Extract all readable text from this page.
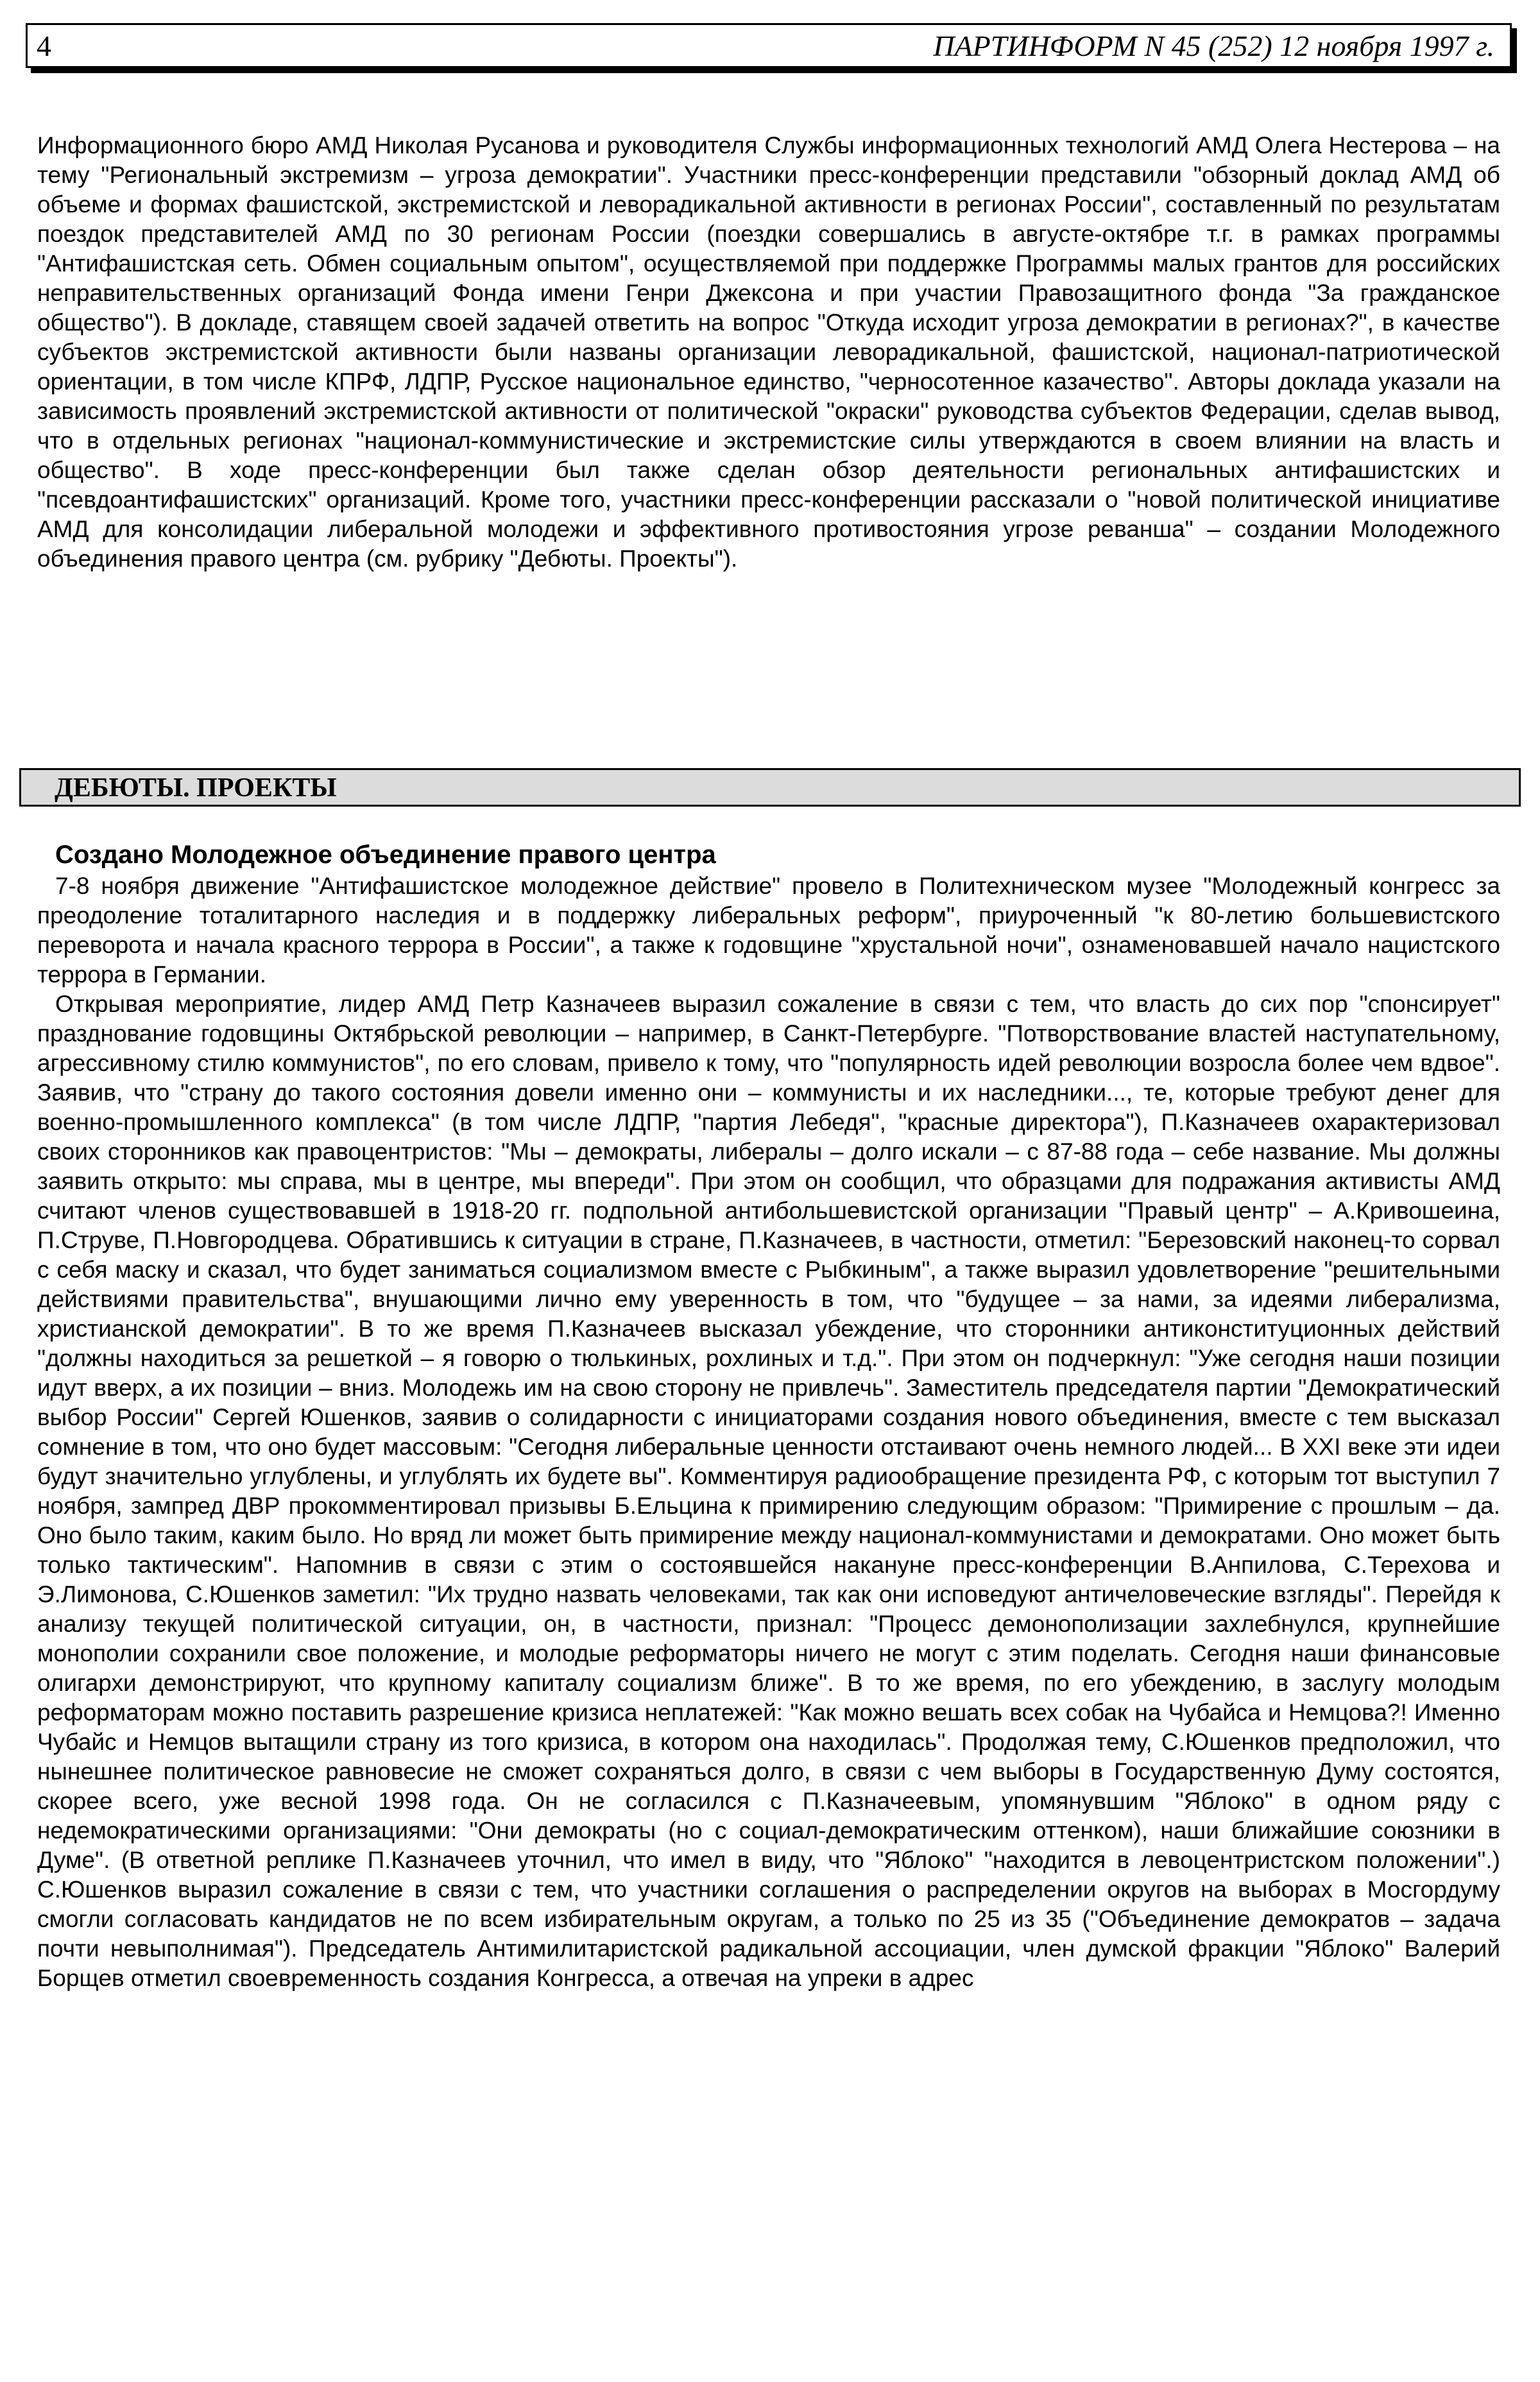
4	ПАРТИНФОРМ N 45 (252) 12 ноября 1997 г.

Информационного бюро АМД Николая Русанова и руководителя Службы информационных технологий АМД Олега Нестерова – на тему "Региональный экстремизм – угроза демократии". Участники пресс-конференции представили "обзорный доклад АМД об объеме и формах фашистской, экстремистской и леворадикальной активности в регионах России", составленный по результатам поездок представителей АМД по 30 регионам России (поездки совершались в августе-октябре т.г. в рамках программы "Антифашистская сеть. Обмен социальным опытом", осуществляемой при поддержке Программы малых грантов для российских неправительственных организаций Фонда имени Генри Джексона и при участии Правозащитного фонда "За гражданское общество"). В докладе, ставящем своей задачей ответить на вопрос "Откуда исходит угроза демократии в регионах?", в качестве субъектов экстремистской активности были названы организации леворадикальной, фашистской, национал-патриотической ориентации, в том числе КПРФ, ЛДПР, Русское национальное единство, "черносотенное казачество". Авторы доклада указали на зависимость проявлений экстремистской активности от политической "окраски" руководства субъектов Федерации, сделав вывод, что в отдельных регионах "национал-коммунистические и экстремистские силы утверждаются в своем влиянии на власть и общество". В ходе пресс-конференции был также сделан обзор деятельности региональных антифашистских и "псевдоантифашистских" организаций. Кроме того, участники пресс-конференции рассказали о "новой политической инициативе АМД для консолидации либеральной молодежи и эффективного противостояния угрозе реванша" – создании Молодежного объединения правого центра (см. рубрику "Дебюты. Проекты").

ДЕБЮТЫ. ПРОЕКТЫ
Создано Молодежное объединение правого центра

7-8 ноября движение "Антифашистское молодежное действие" провело в Политехническом музее "Молодежный конгресс за преодоление тоталитарного наследия и в поддержку либеральных реформ", приуроченный "к 80-летию большевистского переворота и начала красного террора в России", а также к годовщине "хрустальной ночи", ознаменовавшей начало нацистского террора в Германии.

Открывая мероприятие, лидер АМД Петр Казначеев выразил сожаление в связи с тем, что власть до сих пор "спонсирует" празднование годовщины Октябрьской революции – например, в Санкт-Петербурге. "Потворствование властей наступательному, агрессивному стилю коммунистов", по его словам, привело к тому, что "популярность идей революции возросла более чем вдвое". Заявив, что "страну до такого состояния довели именно они – коммунисты и их наследники..., те, которые требуют денег для военно-промышленного комплекса" (в том числе ЛДПР, "партия Лебедя", "красные директора"), П.Казначеев охарактеризовал своих сторонников как правоцентристов: "Мы – демократы, либералы – долго искали – с 87-88 года – себе название. Мы должны заявить открыто: мы справа, мы в центре, мы впереди". При этом он сообщил, что образцами для подражания активисты АМД считают членов существовавшей в 1918-20 гг. подпольной антибольшевистской организации "Правый центр" – А.Кривошеина, П.Струве, П.Новгородцева. Обратившись к ситуации в стране, П.Казначеев, в частности, отметил: "Березовский наконец-то сорвал с себя маску и сказал, что будет заниматься социализмом вместе с Рыбкиным", а также выразил удовлетворение "решительными действиями правительства", внушающими лично ему уверенность в том, что "будущее – за нами, за идеями либерализма, христианской демократии". В то же время П.Казначеев высказал убеждение, что сторонники антиконституционных действий "должны находиться за решеткой – я говорю о тюлькиных, рохлиных и т.д.". При этом он подчеркнул: "Уже сегодня наши позиции идут вверх, а их позиции – вниз. Молодежь им на свою сторону не привлечь". Заместитель председателя партии "Демократический выбор России" Сергей Юшенков, заявив о солидарности с инициаторами создания нового объединения, вместе с тем высказал сомнение в том, что оно будет массовым: "Сегодня либеральные ценности отстаивают очень немного людей... В XXI веке эти идеи будут значительно углублены, и углублять их будете вы". Комментируя радиообращение президента РФ, с которым тот выступил 7 ноября, зампред ДВР прокомментировал призывы Б.Ельцина к примирению следующим образом: "Примирение с прошлым – да. Оно было таким, каким было. Но вряд ли может быть примирение между национал-коммунистами и демократами. Оно может быть только тактическим". Напомнив в связи с этим о состоявшейся накануне пресс-конференции В.Анпилова, С.Терехова и Э.Лимонова, С.Юшенков заметил: "Их трудно назвать человеками, так как они исповедуют античеловеческие взгляды". Перейдя к анализу текущей политической ситуации, он, в частности, признал: "Процесс демонополизации захлебнулся, крупнейшие монополии сохранили свое положение, и молодые реформаторы ничего не могут с этим поделать. Сегодня наши финансовые олигархи демонстрируют, что крупному капиталу социализм ближе". В то же время, по его убеждению, в заслугу молодым реформаторам можно поставить разрешение кризиса неплатежей: "Как можно вешать всех собак на Чубайса и Немцова?! Именно Чубайс и Немцов вытащили страну из того кризиса, в котором она находилась". Продолжая тему, С.Юшенков предположил, что нынешнее политическое равновесие не сможет сохраняться долго, в связи с чем выборы в Государственную Думу состоятся, скорее всего, уже весной 1998 года. Он не согласился с П.Казначеевым, упомянувшим "Яблоко" в одном ряду с недемократическими организациями: "Они демократы (но с социал-демократическим оттенком), наши ближайшие союзники в Думе". (В ответной реплике П.Казначеев уточнил, что имел в виду, что "Яблоко" "находится в левоцентристском положении".) С.Юшенков выразил сожаление в связи с тем, что участники соглашения о распределении округов на выборах в Мосгордуму смогли согласовать кандидатов не по всем избирательным округам, а только по 25 из 35 ("Объединение демократов – задача почти невыполнимая"). Председатель Антимилитаристской радикальной ассоциации, член думской фракции "Яблоко" Валерий Борщев отметил своевременность создания Конгресса, а отвечая на упреки в адрес
